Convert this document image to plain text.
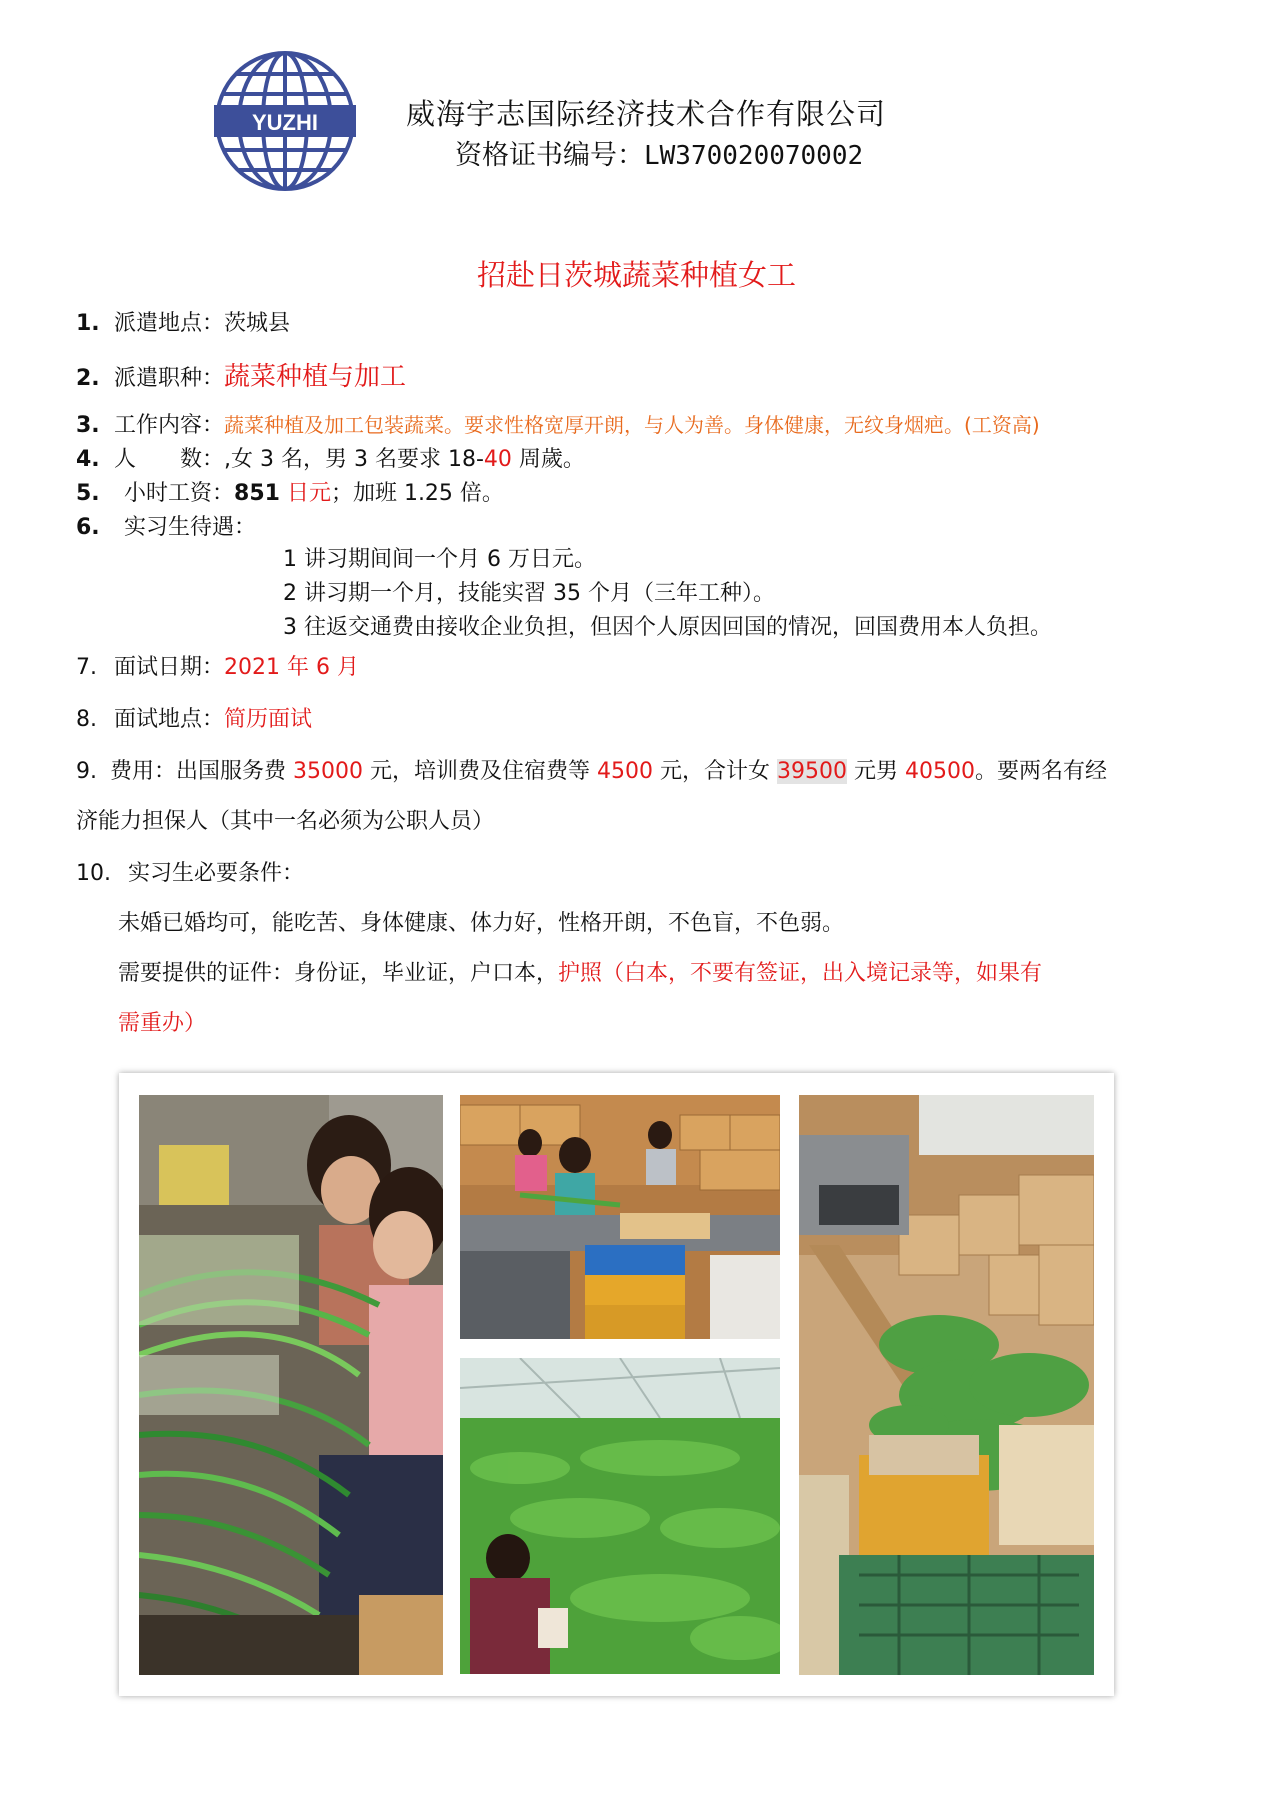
YUZHI	威海宇志国际经济技术合作有限公司
资格证书编号：LW370020070002
招赴日茨城蔬菜种植女工
1. 派遣地点：茨城县
2. 派遣职种：蔬菜种植与加工
3. 工作内容：蔬菜种植及加工包装蔬菜。要求性格宽厚开朗，与人为善。身体健康，无纹身烟疤。(工资高)
4. 人　　数：,女 3 名，男 3 名要求 18-40 周歲。
5. 小时工资：851 日元；加班 1.25 倍。
6. 实习生待遇：
1 讲习期间间一个月 6 万日元。
2 讲习期一个月，技能实習 35 个月（三年工种）。
3 往返交通费由接收企业负担，但因个人原因回国的情况，回国费用本人负担。
7. 面试日期：2021 年 6 月
8. 面试地点：简历面试
9. 费用：出国服务费 35000 元，培训费及住宿费等 4500 元，合计女 39500 元男 40500。要两名有经
济能力担保人（其中一名必须为公职人员）
10. 实习生必要条件：
未婚已婚均可，能吃苦、身体健康、体力好，性格开朗，不色盲，不色弱。
需要提供的证件：身份证，毕业证，户口本，护照（白本，不要有签证，出入境记录等，如果有
需重办）
